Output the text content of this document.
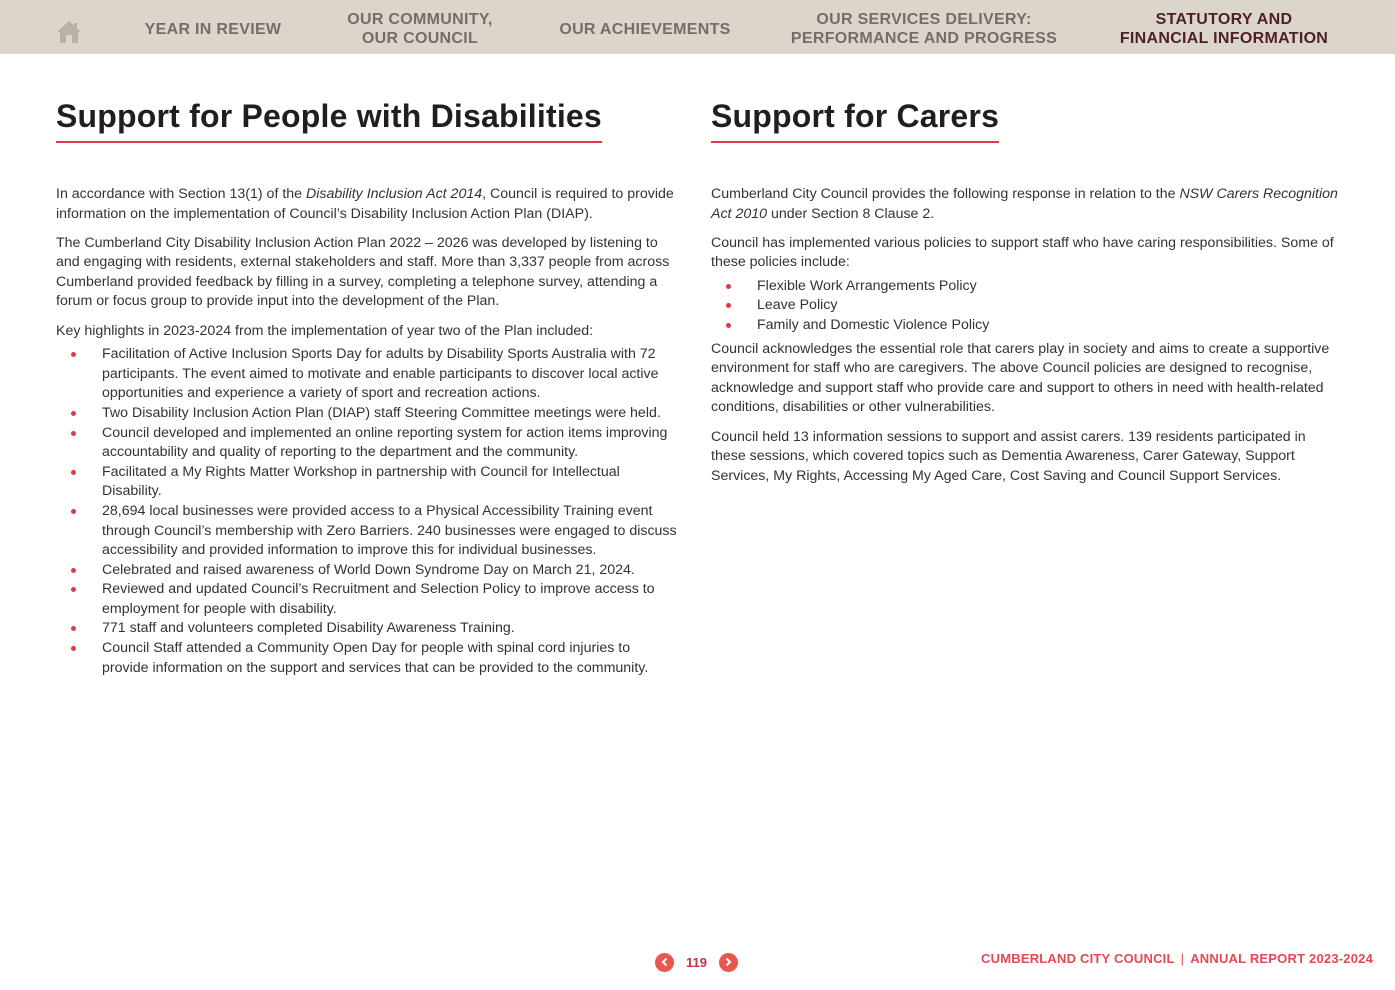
YEAR IN REVIEW
OUR COMMUNITY,
OUR COUNCIL
OUR ACHIEVEMENTS
OUR SERVICES DELIVERY:
PERFORMANCE AND PROGRESS
STATUTORY AND
FINANCIAL INFORMATION
Support for People with Disabilities

In accordance with Section 13(1) of the Disability Inclusion Act 2014, Council is required to provide information on the implementation of Council’s Disability Inclusion Action Plan (DIAP).

The Cumberland City Disability Inclusion Action Plan 2022 – 2026 was developed by listening to and engaging with residents, external stakeholders and staff. More than 3,337 people from across Cumberland provided feedback by filling in a survey, completing a telephone survey, attending a forum or focus group to provide input into the development of the Plan.

Key highlights in 2023-2024 from the implementation of year two of the Plan included:

Facilitation of Active Inclusion Sports Day for adults by Disability Sports Australia with 72 participants. The event aimed to motivate and enable participants to discover local active opportunities and experience a variety of sport and recreation actions.
Two Disability Inclusion Action Plan (DIAP) staff Steering Committee meetings were held.
Council developed and implemented an online reporting system for action items improving accountability and quality of reporting to the department and the community.
Facilitated a My Rights Matter Workshop in partnership with Council for Intellectual Disability.
28,694 local businesses were provided access to a Physical Accessibility Training event through Council’s membership with Zero Barriers. 240 businesses were engaged to discuss accessibility and provided information to improve this for individual businesses.
Celebrated and raised awareness of World Down Syndrome Day on March 21, 2024.
Reviewed and updated Council’s Recruitment and Selection Policy to improve access to employment for people with disability.
771 staff and volunteers completed Disability Awareness Training.
Council Staff attended a Community Open Day for people with spinal cord injuries to provide information on the support and services that can be provided to the community.
Support for Carers

Cumberland City Council provides the following response in relation to the NSW Carers Recognition Act 2010 under Section 8 Clause 2.

Council has implemented various policies to support staff who have caring responsibilities. Some of these policies include:

Flexible Work Arrangements Policy
Leave Policy
Family and Domestic Violence Policy

Council acknowledges the essential role that carers play in society and aims to create a supportive environment for staff who are caregivers. The above Council policies are designed to recognise, acknowledge and support staff who provide care and support to others in need with health-related conditions, disabilities or other vulnerabilities.

Council held 13 information sessions to support and assist carers. 139 residents participated in these sessions, which covered topics such as Dementia Awareness, Carer Gateway, Support Services, My Rights, Accessing My Aged Care, Cost Saving and Council Support Services.

119	CUMBERLAND CITY COUNCIL | ANNUAL REPORT 2023-2024
